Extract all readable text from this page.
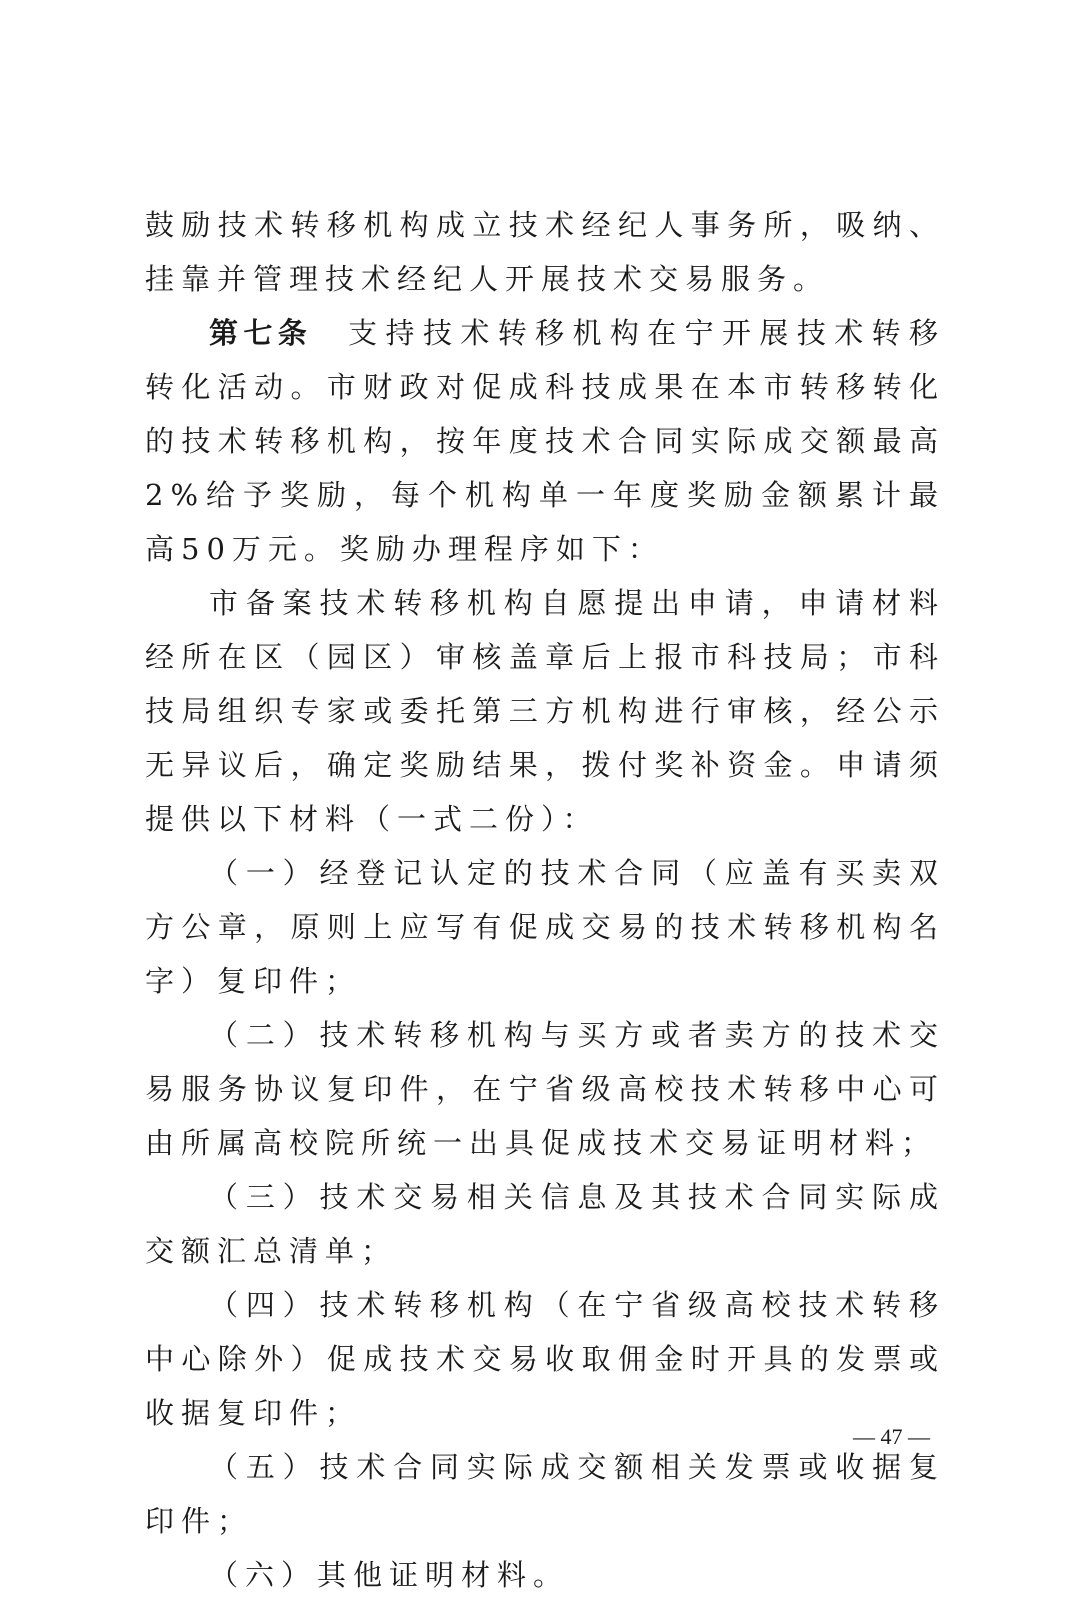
鼓励技术转移机构成立技术经纪人事务所，吸纳、挂靠并管理技术经纪人开展技术交易服务。

第七条 支持技术转移机构在宁开展技术转移转化活动。市财政对促成科技成果在本市转移转化的技术转移机构，按年度技术合同实际成交额最高2%给予奖励，每个机构单一年度奖励金额累计最高50万元。奖励办理程序如下：

市备案技术转移机构自愿提出申请，申请材料经所在区（园区）审核盖章后上报市科技局；市科技局组织专家或委托第三方机构进行审核，经公示无异议后，确定奖励结果，拨付奖补资金。申请须提供以下材料（一式二份）：

（一）经登记认定的技术合同（应盖有买卖双方公章，原则上应写有促成交易的技术转移机构名字）复印件；

（二）技术转移机构与买方或者卖方的技术交易服务协议复印件，在宁省级高校技术转移中心可由所属高校院所统一出具促成技术交易证明材料；

（三）技术交易相关信息及其技术合同实际成交额汇总清单；

（四）技术转移机构（在宁省级高校技术转移中心除外）促成技术交易收取佣金时开具的发票或收据复印件；

（五）技术合同实际成交额相关发票或收据复印件；

（六）其他证明材料。

— 47 —
